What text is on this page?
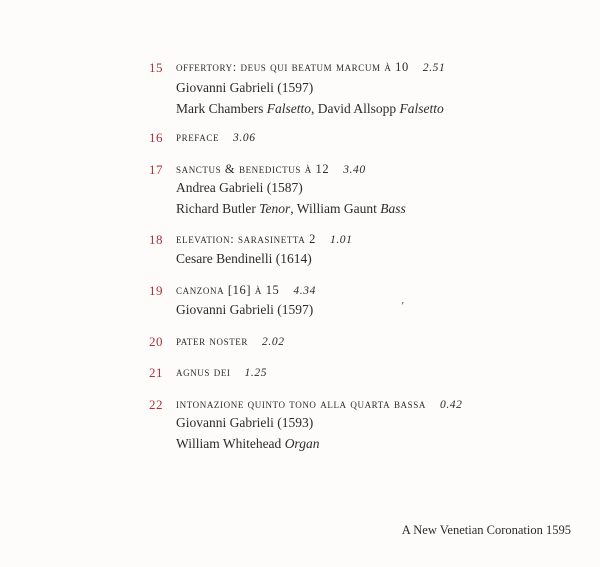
15	offertory: deus qui beatum marcum à 10 2.51
Giovanni Gabrieli (1597)
Mark Chambers Falsetto, David Allsopp Falsetto
16	preface 3.06
17	sanctus & benedictus à 12 3.40
Andrea Gabrieli (1587)
Richard Butler Tenor, William Gaunt Bass
18	elevation: sarasinetta 2 1.01
Cesare Bendinelli (1614)
19	canzona [16] à 15 4.34
Giovanni Gabrieli (1597)	'
20	pater noster 2.02
21	agnus dei 1.25
22	intonazione quinto tono alla quarta bassa 0.42
Giovanni Gabrieli (1593)
William Whitehead Organ
A New Venetian Coronation 1595
